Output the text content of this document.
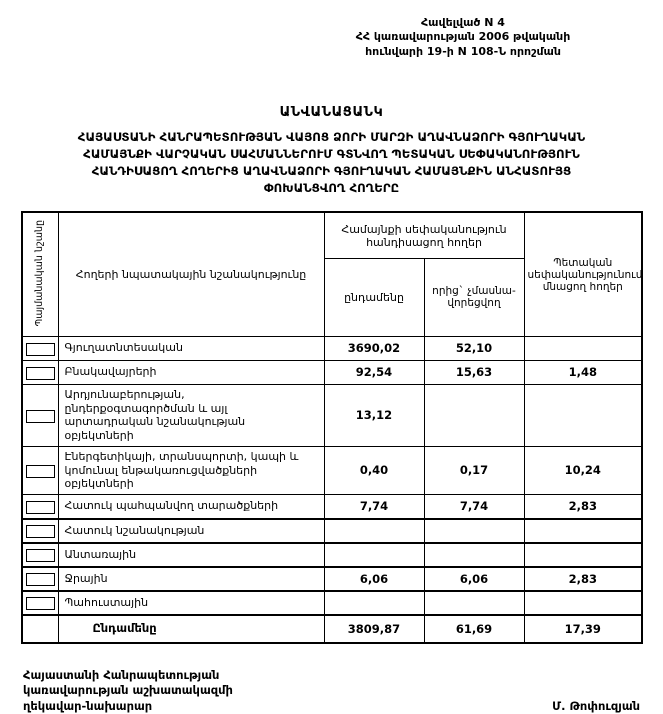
Հավելված N 4
ՀՀ կառավարության 2006 թվականի
հունվարի 19-ի N 108-Ն որոշման
ԱՆՎԱՆԱՑԱՆԿ
ՀԱՅԱՍՏԱՆԻ ՀԱՆՐԱՊԵՏՈՒԹՅԱՆ ՎԱՅՈՑ ՁՈՐԻ ՄԱՐԶԻ ԱՂԱՎՆԱՁՈՐԻ ԳՅՈՒՂԱԿԱՆ
ՀԱՄԱՅՆՔԻ ՎԱՐՉԱԿԱՆ ՍԱՀՄԱՆՆԵՐՈՒՄ ԳՏՆՎՈՂ ՊԵՏԱԿԱՆ ՍԵՓԱԿԱՆՈՒԹՅՈՒՆ
ՀԱՆԴԻՍԱՑՈՂ ՀՈՂԵՐԻՑ ԱՂԱՎՆԱՁՈՐԻ ԳՅՈՒՂԱԿԱՆ ՀԱՄԱՅՆՔԻՆ ԱՆՀԱՏՈՒՅՑ
ՓՈԽԱՆՑՎՈՂ ՀՈՂԵՐԸ
Պայմանական նշանը	Հողերի նպատակային նշանակությունը	Համայնքի սեփականություն հանդիսացող հողեր		Պետական սեփականությունում մնացող հողեր
		ընդամենը	որից` չմասնա-վորեցվող	
	Գյուղատնտեսական	3690,02	52,10	
	Բնակավայրերի	92,54	15,63	1,48
	Արդյունաբերության, ընդերքօգտագործման և այլ արտադրական նշանակության օբյեկտների	13,12		
	Էներգետիկայի, տրանսպորտի, կապի և կոմունալ ենթակառուցվածքների օբյեկտների	0,40	0,17	10,24
	Հատուկ պահպանվող տարածքների	7,74	7,74	2,83
	Հատուկ նշանակության			
	Անտառային			
	Ջրային	6,06	6,06	2,83
	Պահուստային			
	Ընդամենը	3809,87	61,69	17,39
Հայաստանի Հանրապետության
կառավարության աշխատակազմի
ղեկավար-նախարար	Մ. Թոփուզյան
